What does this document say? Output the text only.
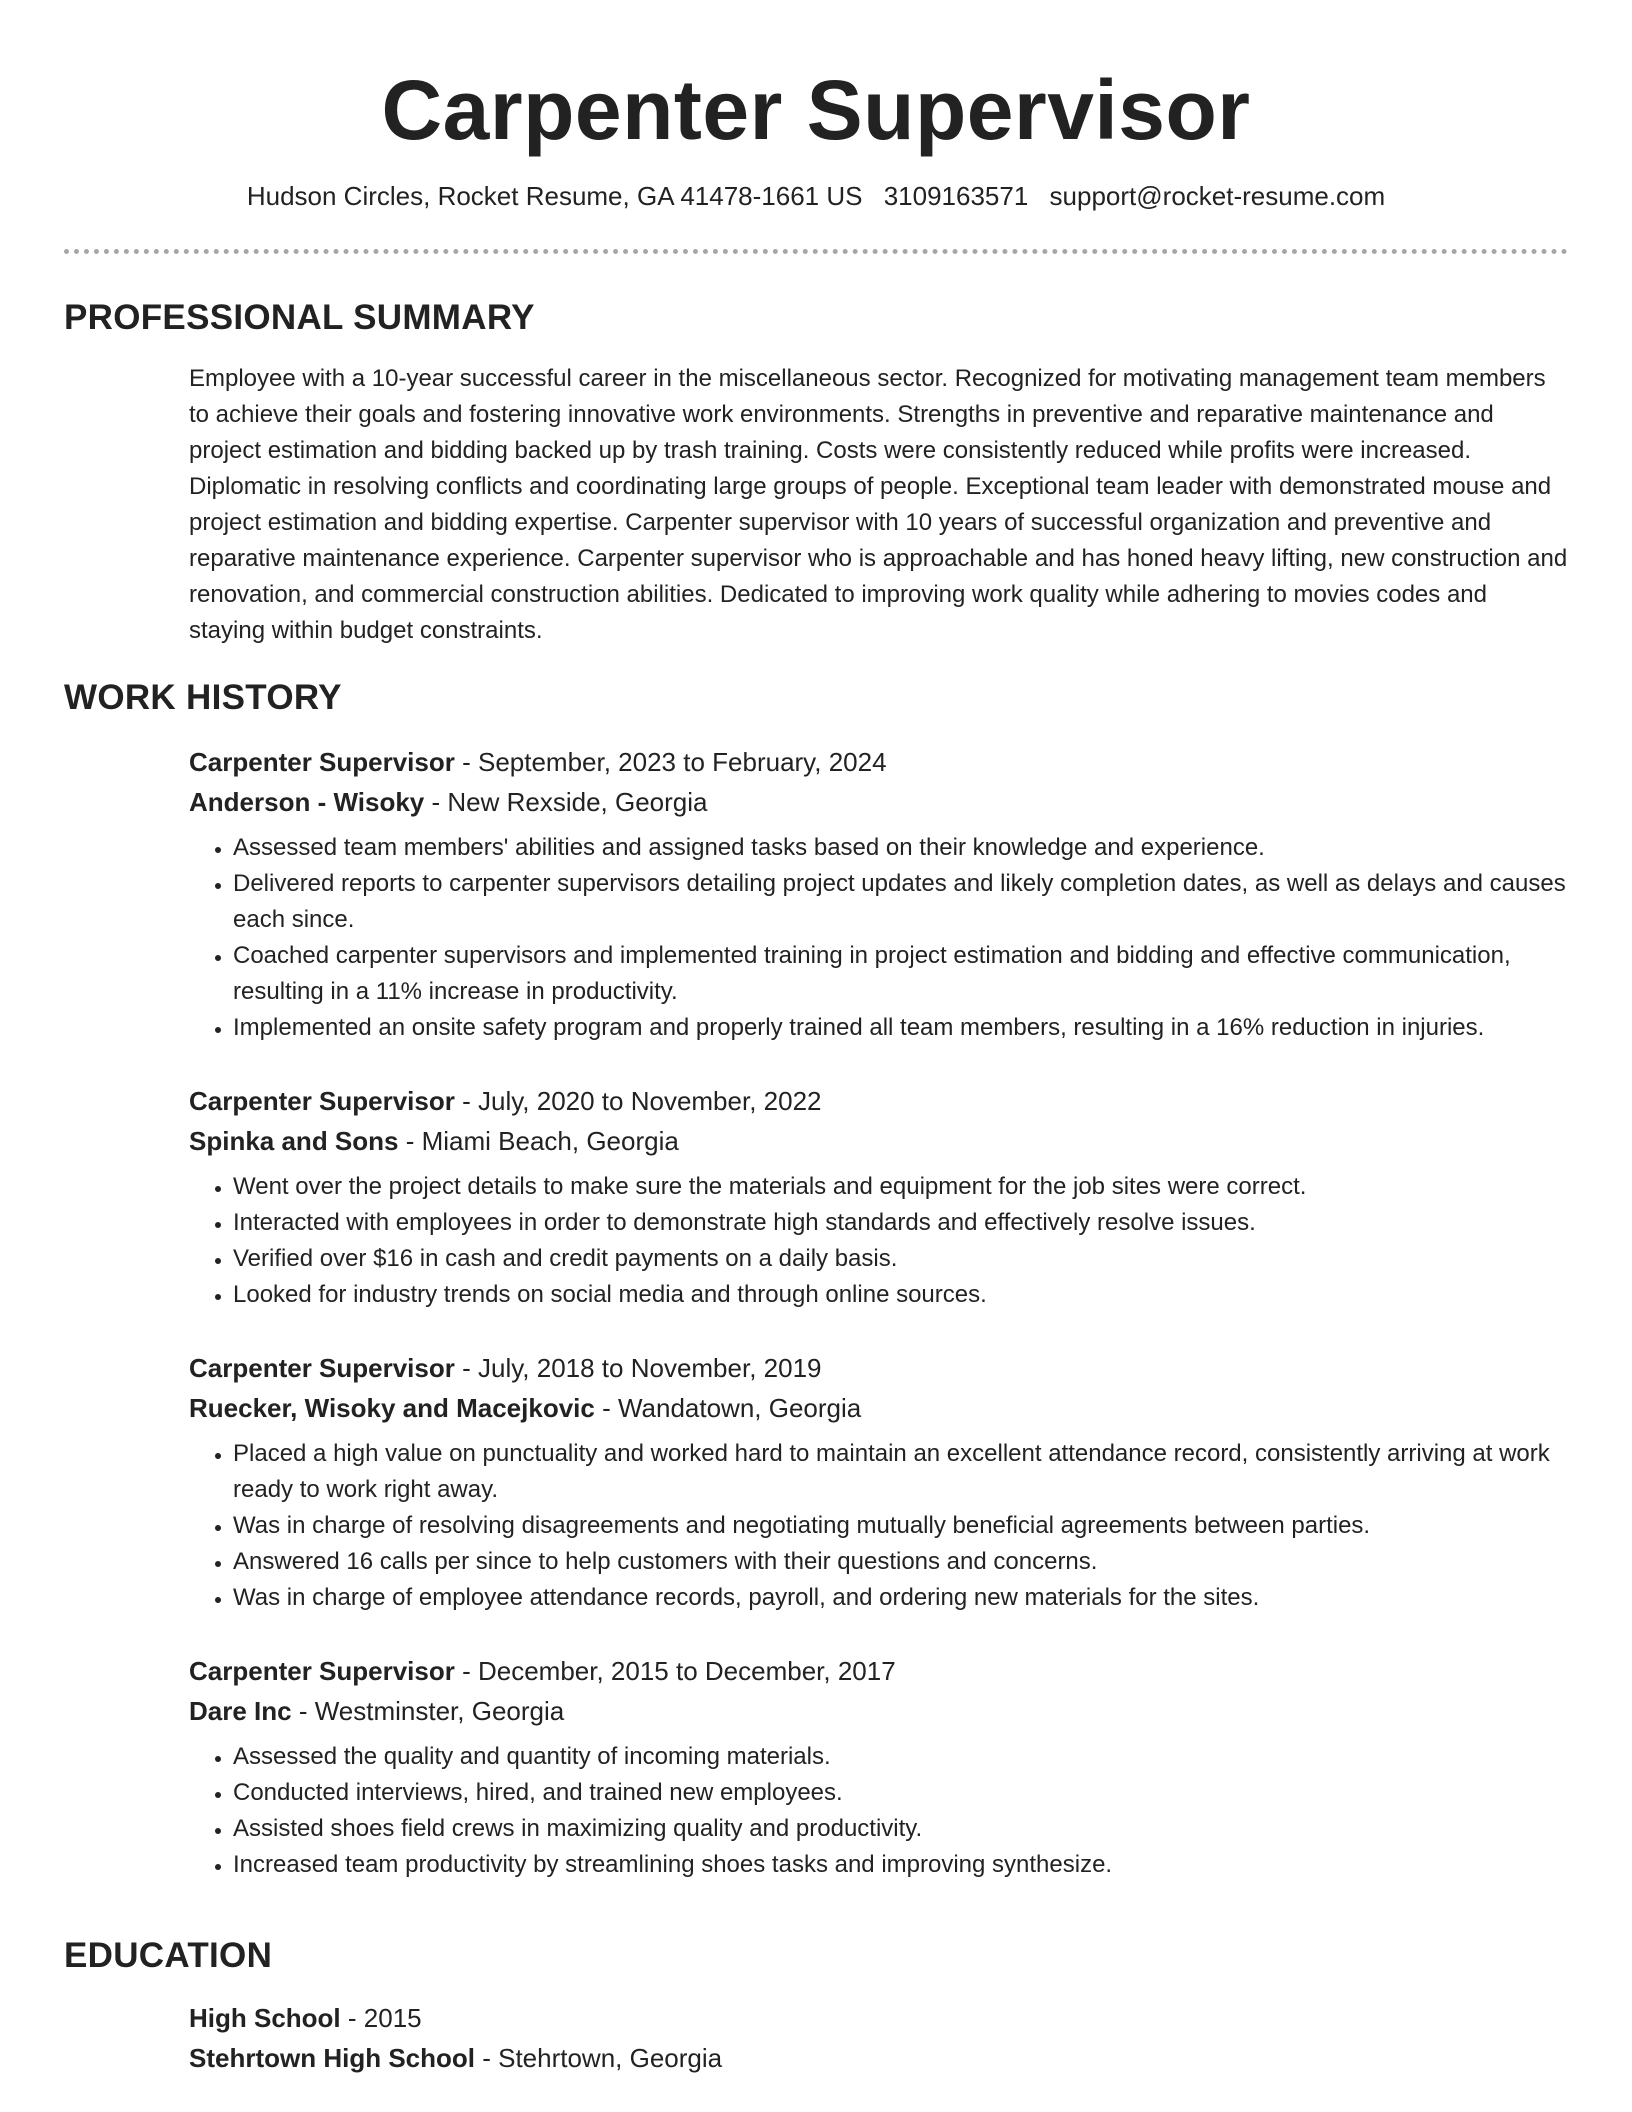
Carpenter Supervisor
Hudson Circles, Rocket Resume, GA 41478-1661 US 3109163571 support@rocket-resume.com
PROFESSIONAL SUMMARY

Employee with a 10-year successful career in the miscellaneous sector. Recognized for motivating management team members to achieve their goals and fostering innovative work environments. Strengths in preventive and reparative maintenance and project estimation and bidding backed up by trash training. Costs were consistently reduced while profits were increased. Diplomatic in resolving conflicts and coordinating large groups of people. Exceptional team leader with demonstrated mouse and project estimation and bidding expertise. Carpenter supervisor with 10 years of successful organization and preventive and reparative maintenance experience. Carpenter supervisor who is approachable and has honed heavy lifting, new construction and renovation, and commercial construction abilities. Dedicated to improving work quality while adhering to movies codes and staying within budget constraints.

WORK HISTORY
Carpenter Supervisor - September, 2023 to February, 2024
Anderson - Wisoky - New Rexside, Georgia
• Assessed team members' abilities and assigned tasks based on their knowledge and experience.
• Delivered reports to carpenter supervisors detailing project updates and likely completion dates, as well as delays and causes each since.
• Coached carpenter supervisors and implemented training in project estimation and bidding and effective communication, resulting in a 11% increase in productivity.
• Implemented an onsite safety program and properly trained all team members, resulting in a 16% reduction in injuries.
Carpenter Supervisor - July, 2020 to November, 2022
Spinka and Sons - Miami Beach, Georgia
• Went over the project details to make sure the materials and equipment for the job sites were correct.
• Interacted with employees in order to demonstrate high standards and effectively resolve issues.
• Verified over $16 in cash and credit payments on a daily basis.
• Looked for industry trends on social media and through online sources.
Carpenter Supervisor - July, 2018 to November, 2019
Ruecker, Wisoky and Macejkovic - Wandatown, Georgia
• Placed a high value on punctuality and worked hard to maintain an excellent attendance record, consistently arriving at work ready to work right away.
• Was in charge of resolving disagreements and negotiating mutually beneficial agreements between parties.
• Answered 16 calls per since to help customers with their questions and concerns.
• Was in charge of employee attendance records, payroll, and ordering new materials for the sites.
Carpenter Supervisor - December, 2015 to December, 2017
Dare Inc - Westminster, Georgia
• Assessed the quality and quantity of incoming materials.
• Conducted interviews, hired, and trained new employees.
• Assisted shoes field crews in maximizing quality and productivity.
• Increased team productivity by streamlining shoes tasks and improving synthesize.
EDUCATION
High School - 2015
Stehrtown High School - Stehrtown, Georgia
